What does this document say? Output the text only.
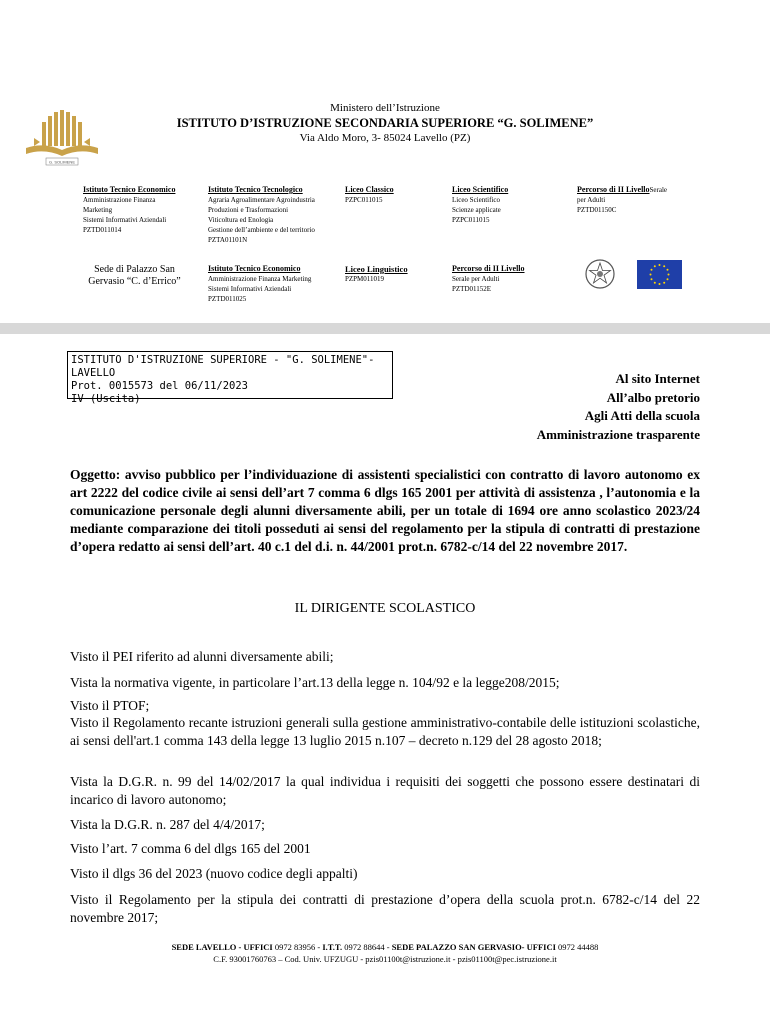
Ministero dell’Istruzione
ISTITUTO D’ISTRUZIONE SECONDARIA SUPERIORE “G. SOLIMENE”
Via Aldo Moro, 3- 85024 Lavello (PZ)
G. SOLIMENE
Istituto Tecnico Economico
Amministrazione Finanza
Marketing
Sistemi Informativi Aziendali
PZTD011014
Istituto Tecnico Tecnologico
Agraria Agroalimentare Agroindustria
Produzioni e Trasformazioni
Viticoltura ed Enologia
Gestione dell’ambiente e del territorio
PZTA01101N
Liceo Classico
PZPC011015
Liceo Scientifico
Liceo Scientifico
Scienze applicate
PZPC011015
Percorso di II LivelloSerale
per Adulti
PZTD01150C
Sede di Palazzo San Gervasio “C. d’Errico”
Istituto Tecnico Economico
Amministrazione Finanza Marketing
Sistemi Informativi Aziendali
PZTD011025
Liceo Linguistico
PZPM011019
Percorso di II Livello
Serale per Adulti
PZTD01152E
ISTITUTO D'ISTRUZIONE SUPERIORE - "G. SOLIMENE"-LAVELLO
Prot. 0015573 del 06/11/2023
IV (Uscita)
Al sito Internet
All’albo pretorio
Agli Atti della scuola
Amministrazione trasparente
Oggetto: avviso pubblico per l’individuazione di assistenti specialistici con contratto di lavoro autonomo ex art 2222 del codice civile ai sensi dell’art 7 comma 6 dlgs 165 2001 per attività di assistenza , l’autonomia e la comunicazione personale degli alunni diversamente abili, per un totale di 1694 ore anno scolastico 2023/24 mediante comparazione dei titoli posseduti ai sensi del regolamento per la stipula di contratti di prestazione d’opera redatto ai sensi dell’art. 40 c.1 del d.i. n. 44/2001 prot.n. 6782-c/14 del 22 novembre 2017.
IL DIRIGENTE SCOLASTICO
Visto il PEI riferito ad alunni diversamente abili;
Vista la normativa vigente, in particolare l’art.13 della legge n. 104/92 e la legge208/2015;
Visto il PTOF;
Visto il Regolamento recante istruzioni generali sulla gestione amministrativo-contabile delle istituzioni scolastiche, ai sensi dell'art.1 comma 143 della legge 13 luglio 2015 n.107 – decreto n.129 del 28 agosto 2018;
Vista la D.G.R. n. 99 del 14/02/2017 la qual individua i requisiti dei soggetti che possono essere destinatari di incarico di lavoro autonomo;
Vista la D.G.R. n. 287 del 4/4/2017;
Visto l’art. 7 comma 6 del dlgs 165 del 2001
Visto il dlgs 36 del 2023 (nuovo codice degli appalti)
Visto il Regolamento per la stipula dei contratti di prestazione d’opera della scuola prot.n. 6782-c/14 del 22 novembre 2017;
SEDE LAVELLO - UFFICI 0972 83956 - I.T.T. 0972 88644 - SEDE PALAZZO SAN GERVASIO- UFFICI 0972 44488
C.F. 93001760763 – Cod. Univ. UFZUGU - pzis01100t@istruzione.it - pzis01100t@pec.istruzione.it
